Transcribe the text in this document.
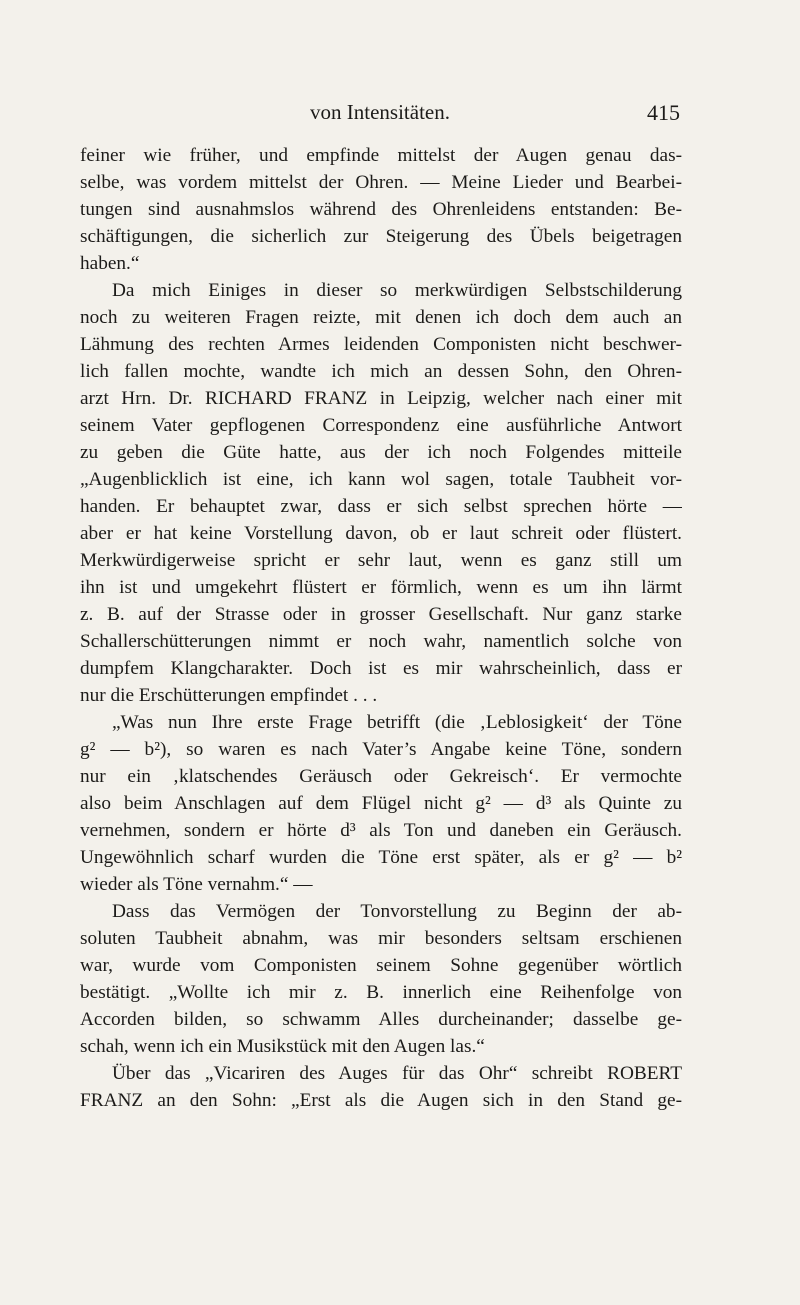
von Intensitäten.	415
feiner wie früher, und empfinde mittelst der Augen genau das-
selbe, was vordem mittelst der Ohren. — Meine Lieder und Bearbei-
tungen sind ausnahmslos während des Ohrenleidens entstanden: Be-
schäftigungen, die sicherlich zur Steigerung des Übels beigetragen
haben.“
Da mich Einiges in dieser so merkwürdigen Selbstschilderung
noch zu weiteren Fragen reizte, mit denen ich doch dem auch an
Lähmung des rechten Armes leidenden Componisten nicht beschwer-
lich fallen mochte, wandte ich mich an dessen Sohn, den Ohren-
arzt Hrn. Dr. RICHARD FRANZ in Leipzig, welcher nach einer mit
seinem Vater gepflogenen Correspondenz eine ausführliche Antwort
zu geben die Güte hatte, aus der ich noch Folgendes mitteile
„Augenblicklich ist eine, ich kann wol sagen, totale Taubheit vor-
handen. Er behauptet zwar, dass er sich selbst sprechen hörte —
aber er hat keine Vorstellung davon, ob er laut schreit oder flüstert.
Merkwürdigerweise spricht er sehr laut, wenn es ganz still um
ihn ist und umgekehrt flüstert er förmlich, wenn es um ihn lärmt
z. B. auf der Strasse oder in grosser Gesellschaft. Nur ganz starke
Schallerschütterungen nimmt er noch wahr, namentlich solche von
dumpfem Klangcharakter. Doch ist es mir wahrscheinlich, dass er
nur die Erschütterungen empfindet . . .
„Was nun Ihre erste Frage betrifft (die ‚Leblosigkeit‘ der Töne
g² — b²), so waren es nach Vater’s Angabe keine Töne, sondern
nur ein ‚klatschendes Geräusch oder Gekreisch‘. Er vermochte
also beim Anschlagen auf dem Flügel nicht g² — d³ als Quinte zu
vernehmen, sondern er hörte d³ als Ton und daneben ein Geräusch.
Ungewöhnlich scharf wurden die Töne erst später, als er g² — b²
wieder als Töne vernahm.“ —
Dass das Vermögen der Tonvorstellung zu Beginn der ab-
soluten Taubheit abnahm, was mir besonders seltsam erschienen
war, wurde vom Componisten seinem Sohne gegenüber wörtlich
bestätigt. „Wollte ich mir z. B. innerlich eine Reihenfolge von
Accorden bilden, so schwamm Alles durcheinander; dasselbe ge-
schah, wenn ich ein Musikstück mit den Augen las.“
Über das „Vicariren des Auges für das Ohr“ schreibt ROBERT
FRANZ an den Sohn: „Erst als die Augen sich in den Stand ge-
